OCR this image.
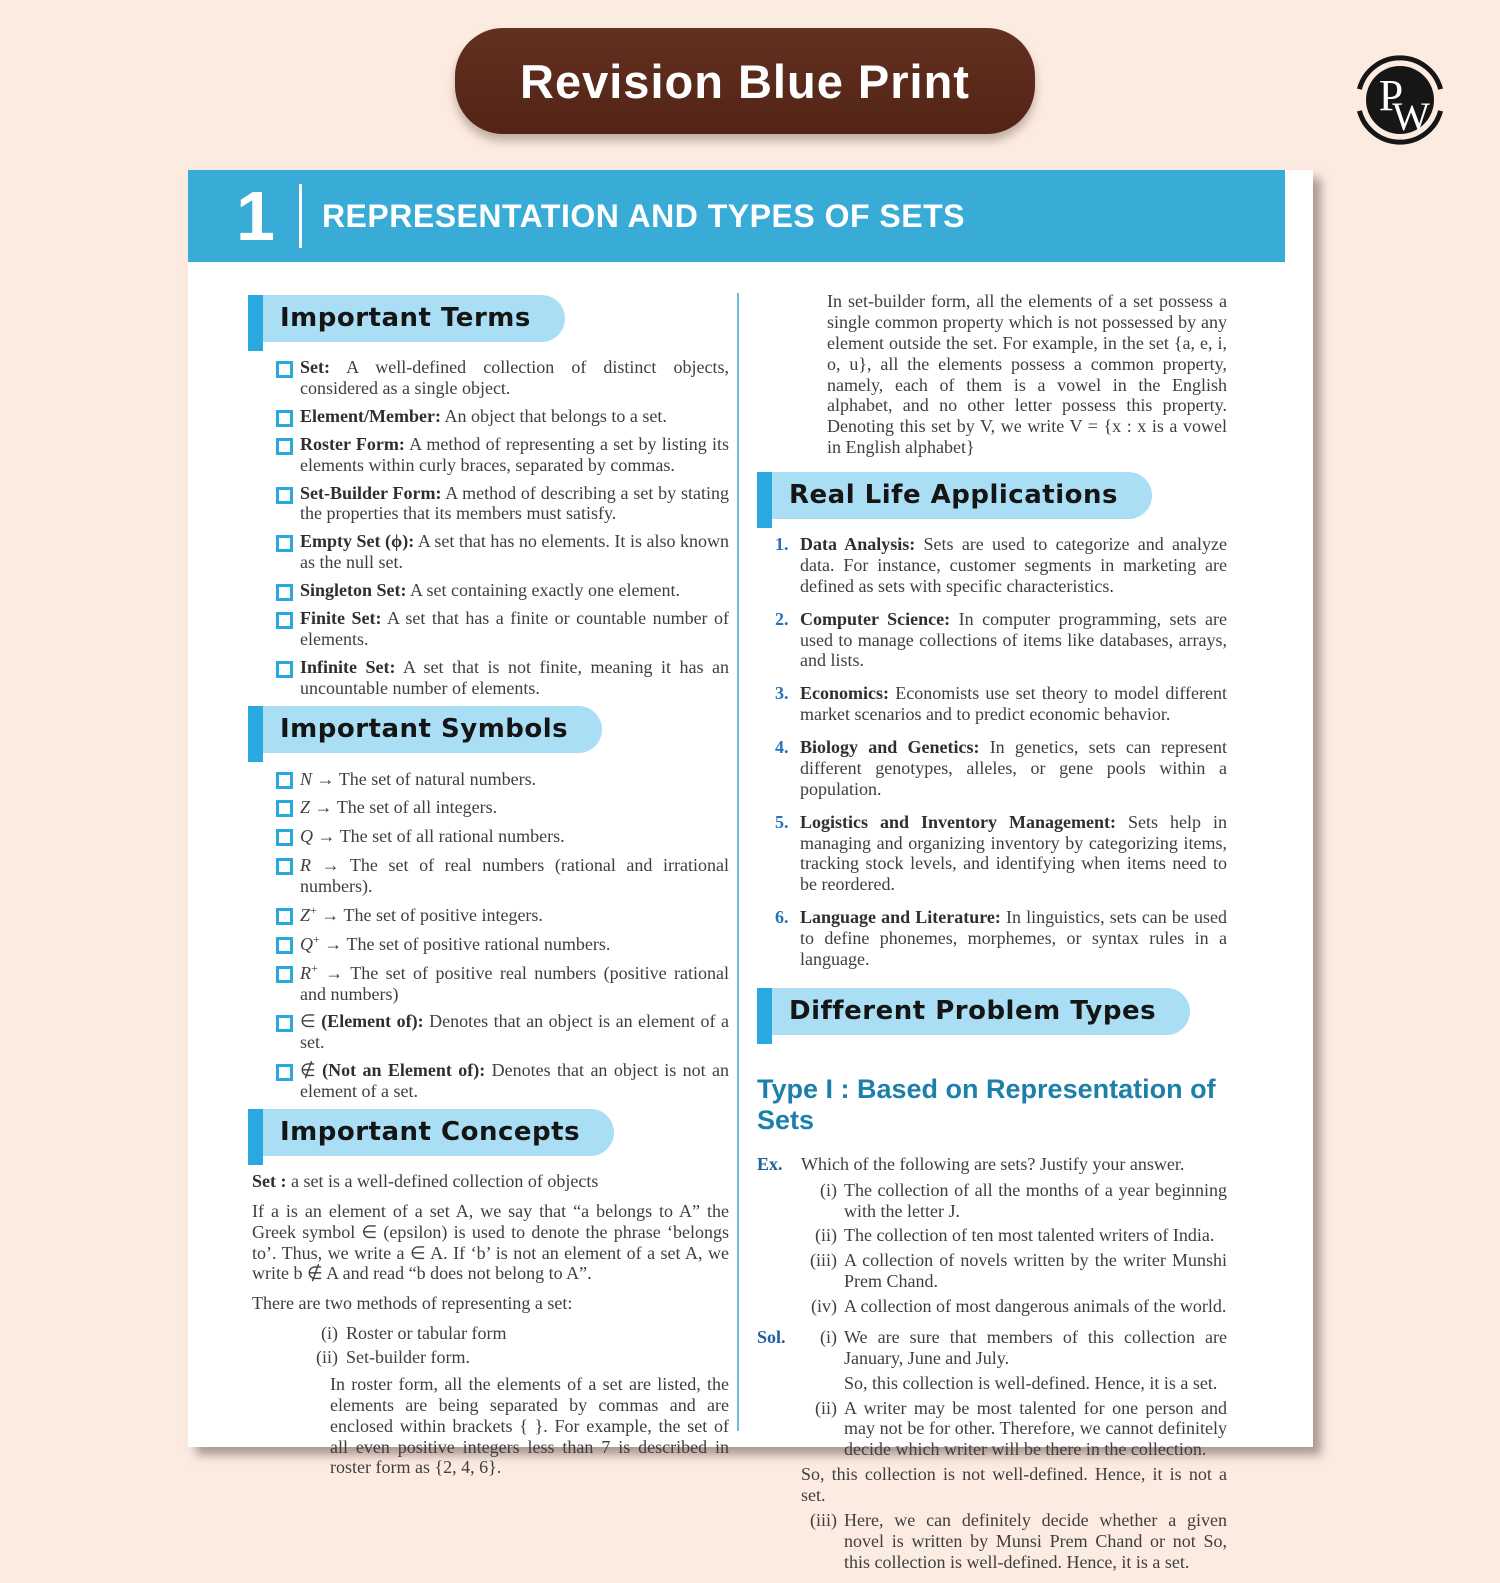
Revision Blue Print	P
W
1 REPRESENTATION AND TYPES OF SETS
Important Terms
Set: A well-defined collection of distinct objects, considered as a single object.
Element/Member: An object that belongs to a set.
Roster Form: A method of representing a set by listing its elements within curly braces, separated by commas.
Set-Builder Form: A method of describing a set by stating the properties that its members must satisfy.
Empty Set (ϕ): A set that has no elements. It is also known as the null set.
Singleton Set: A set containing exactly one element.
Finite Set: A set that has a finite or countable number of elements.
Infinite Set: A set that is not finite, meaning it has an uncountable number of elements.
Important Symbols
N → The set of natural numbers.
Z → The set of all integers.
Q → The set of all rational numbers.
R → The set of real numbers (rational and irrational numbers).
Z+ → The set of positive integers.
Q+ → The set of positive rational numbers.
R+ → The set of positive real numbers (positive rational and numbers)
∈ (Element of): Denotes that an object is an element of a set.
∉ (Not an Element of): Denotes that an object is not an element of a set.
Important Concepts

Set : a set is a well-defined collection of objects

If a is an element of a set A, we say that “a belongs to A” the Greek symbol ∈ (epsilon) is used to denote the phrase ‘belongs to’. Thus, we write a ∈ A. If ‘b’ is not an element of a set A, we write b ∉ A and read “b does not belong to A”.

There are two methods of representing a set:

(i) Roster or tabular form
(ii) Set-builder form.

In roster form, all the elements of a set are listed, the elements are being separated by commas and are enclosed within brackets { }. For example, the set of all even positive integers less than 7 is described in roster form as {2, 4, 6}.

In set-builder form, all the elements of a set possess a single common property which is not possessed by any element outside the set. For example, in the set {a, e, i, o, u}, all the elements possess a common property, namely, each of them is a vowel in the English alphabet, and no other letter possess this property. Denoting this set by V, we write V = {x : x is a vowel in English alphabet}

Real Life Applications
1. Data Analysis: Sets are used to categorize and analyze data. For instance, customer segments in marketing are defined as sets with specific characteristics.
2. Computer Science: In computer programming, sets are used to manage collections of items like databases, arrays, and lists.
3. Economics: Economists use set theory to model different market scenarios and to predict economic behavior.
4. Biology and Genetics: In genetics, sets can represent different genotypes, alleles, or gene pools within a population.
5. Logistics and Inventory Management: Sets help in managing and organizing inventory by categorizing items, tracking stock levels, and identifying when items need to be reordered.
6. Language and Literature: In linguistics, sets can be used to define phonemes, morphemes, or syntax rules in a language.
Different Problem Types
Type I : Based on Representation of Sets
Ex.	Which of the following are sets? Justify your answer.
(i) The collection of all the months of a year beginning with the letter J.
(ii) The collection of ten most talented writers of India.
(iii) A collection of novels written by the writer Munshi Prem Chand.
(iv) A collection of most dangerous animals of the world.
Sol.	(i) We are sure that members of this collection are January, June and July.
So, this collection is well-defined. Hence, it is a set.
(ii) A writer may be most talented for one person and may not be for other. Therefore, we cannot definitely decide which writer will be there in the collection.
So, this collection is not well-defined. Hence, it is not a set.
(iii) Here, we can definitely decide whether a given novel is written by Munsi Prem Chand or not So, this collection is well-defined. Hence, it is a set.
